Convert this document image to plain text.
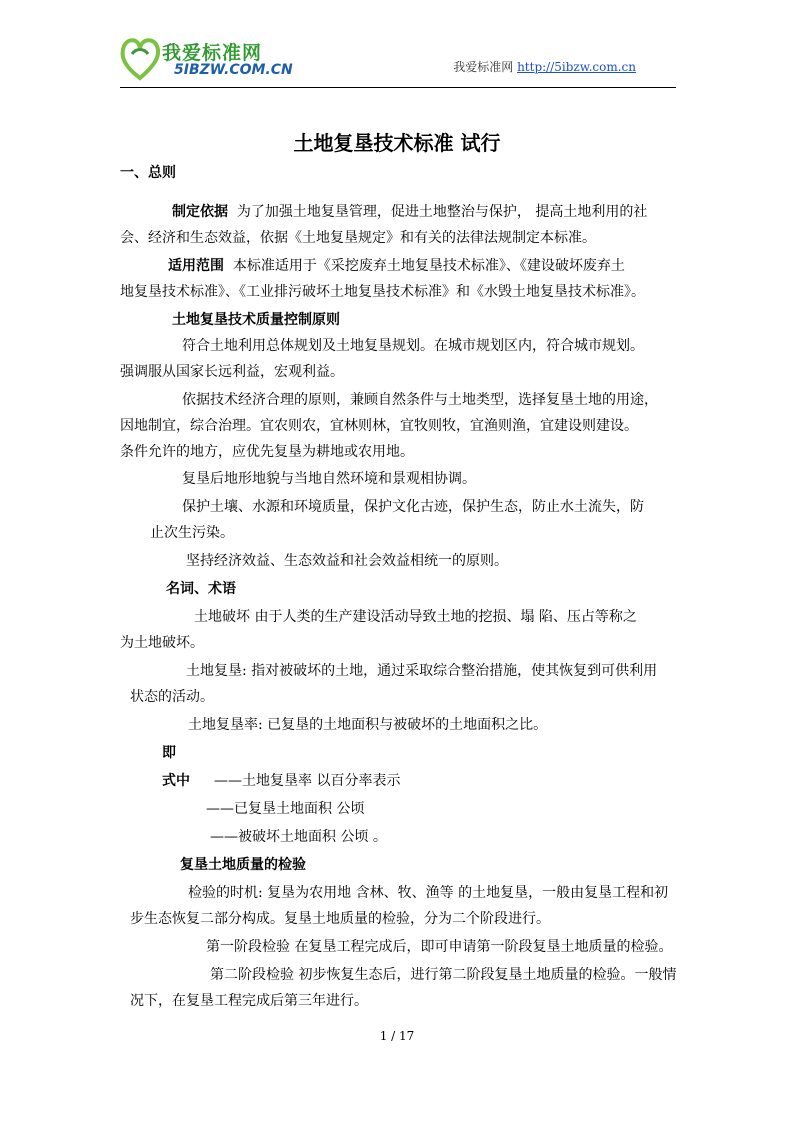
我爱标准网
5IBZW.COM.CN	我爱标准网 http://5ibzw.com.cn
土地复垦技术标准 试行
一、总则
制定依据 为了加强土地复垦管理，促进土地整治与保护， 提高土地利用的社
会、经济和生态效益，依据《土地复垦规定》和有关的法律法规制定本标准。
适用范围 本标准适用于《采挖废弃土地复垦技术标准》、《建设破坏废弃土
地复垦技术标准》、《工业排污破坏土地复垦技术标准》和《水毁土地复垦技术标准》。
土地复垦技术质量控制原则
符合土地利用总体规划及土地复垦规划。在城市规划区内，符合城市规划。
强调服从国家长远利益，宏观利益。
依据技术经济合理的原则，兼顾自然条件与土地类型，选择复垦土地的用途，
因地制宜，综合治理。宜农则农，宜林则林，宜牧则牧，宜渔则渔，宜建设则建设。
条件允许的地方，应优先复垦为耕地或农用地。
复垦后地形地貌与当地自然环境和景观相协调。
保护土壤、水源和环境质量，保护文化古迹，保护生态，防止水土流失，防
止次生污染。
坚持经济效益、生态效益和社会效益相统一的原则。
名词、术语
土地破坏 由于人类的生产建设活动导致土地的挖损、塌 陷、压占等称之
为土地破坏。
土地复垦: 指对被破坏的土地，通过采取综合整治措施，使其恢复到可供利用
状态的活动。
土地复垦率: 已复垦的土地面积与被破坏的土地面积之比。
即
式中 ——土地复垦率 以百分率表示
——已复垦土地面积 公顷
——被破坏土地面积 公顷 。
复垦土地质量的检验
检验的时机: 复垦为农用地 含林、牧、渔等 的土地复垦，一般由复垦工程和初
步生态恢复二部分构成。复垦土地质量的检验，分为二个阶段进行。
第一阶段检验 在复垦工程完成后，即可申请第一阶段复垦土地质量的检验。
第二阶段检验 初步恢复生态后，进行第二阶段复垦土地质量的检验。一般情
况下，在复垦工程完成后第三年进行。
1 / 17
